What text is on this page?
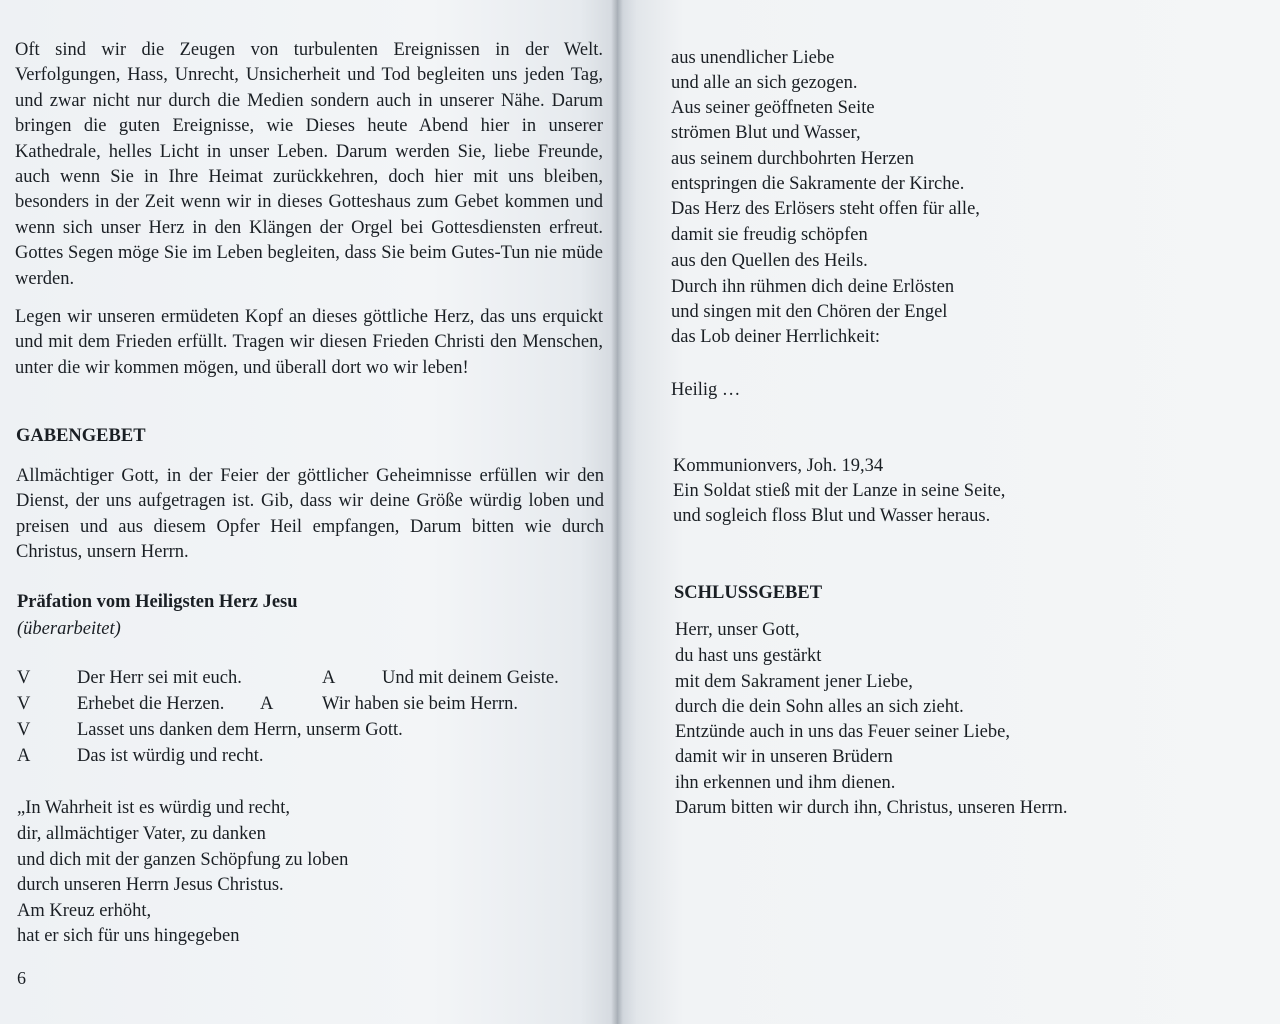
Oft sind wir die Zeugen von turbulenten Ereignissen in der Welt. Verfolgungen, Hass, Unrecht, Unsicherheit und Tod begleiten uns jeden Tag, und zwar nicht nur durch die Medien sondern auch in unserer Nähe. Darum bringen die guten Ereignisse, wie Dieses heute Abend hier in unserer Kathedrale, helles Licht in unser Leben. Darum werden Sie, liebe Freunde, auch wenn Sie in Ihre Heimat zurückkehren, doch hier mit uns bleiben, besonders in der Zeit wenn wir in dieses Gotteshaus zum Gebet kommen und wenn sich unser Herz in den Klängen der Orgel bei Gottesdiensten erfreut. Gottes Segen möge Sie im Leben begleiten, dass Sie beim Gutes-Tun nie müde werden.

Legen wir unseren ermüdeten Kopf an dieses göttliche Herz, das uns erquickt und mit dem Frieden erfüllt. Tragen wir diesen Frieden Christi den Menschen, unter die wir kommen mögen, und überall dort wo wir leben!

GABENGEBET

Allmächtiger Gott, in der Feier der göttlicher Geheimnisse erfüllen wir den Dienst, der uns aufgetragen ist. Gib, dass wir deine Größe würdig loben und preisen und aus diesem Opfer Heil empfangen, Darum bitten wie durch Christus, unsern Herrn.

Präfation vom Heiligsten Herz Jesu

(überarbeitet)

V	Der Herr sei mit euch.	A	Und mit deinem Geiste.
V	Erhebet die Herzen. A	Wir haben sie beim Herrn.
V	Lasset uns danken dem Herrn, unserm Gott.
A	Das ist würdig und recht.
„In Wahrheit ist es würdig und recht,
dir, allmächtiger Vater, zu danken
und dich mit der ganzen Schöpfung zu loben
durch unseren Herrn Jesus Christus.
Am Kreuz erhöht,
hat er sich für uns hingegeben
6
aus unendlicher Liebe
und alle an sich gezogen.
Aus seiner geöffneten Seite
strömen Blut und Wasser,
aus seinem durchbohrten Herzen
entspringen die Sakramente der Kirche.
Das Herz des Erlösers steht offen für alle,
damit sie freudig schöpfen
aus den Quellen des Heils.
Durch ihn rühmen dich deine Erlösten
und singen mit den Chören der Engel
das Lob deiner Herrlichkeit:
Heilig …
Kommunionvers, Joh. 19,34
Ein Soldat stieß mit der Lanze in seine Seite,
und sogleich floss Blut und Wasser heraus.
SCHLUSSGEBET
Herr, unser Gott,
du hast uns gestärkt
mit dem Sakrament jener Liebe,
durch die dein Sohn alles an sich zieht.
Entzünde auch in uns das Feuer seiner Liebe,
damit wir in unseren Brüdern
ihn erkennen und ihm dienen.
Darum bitten wir durch ihn, Christus, unseren Herrn.
